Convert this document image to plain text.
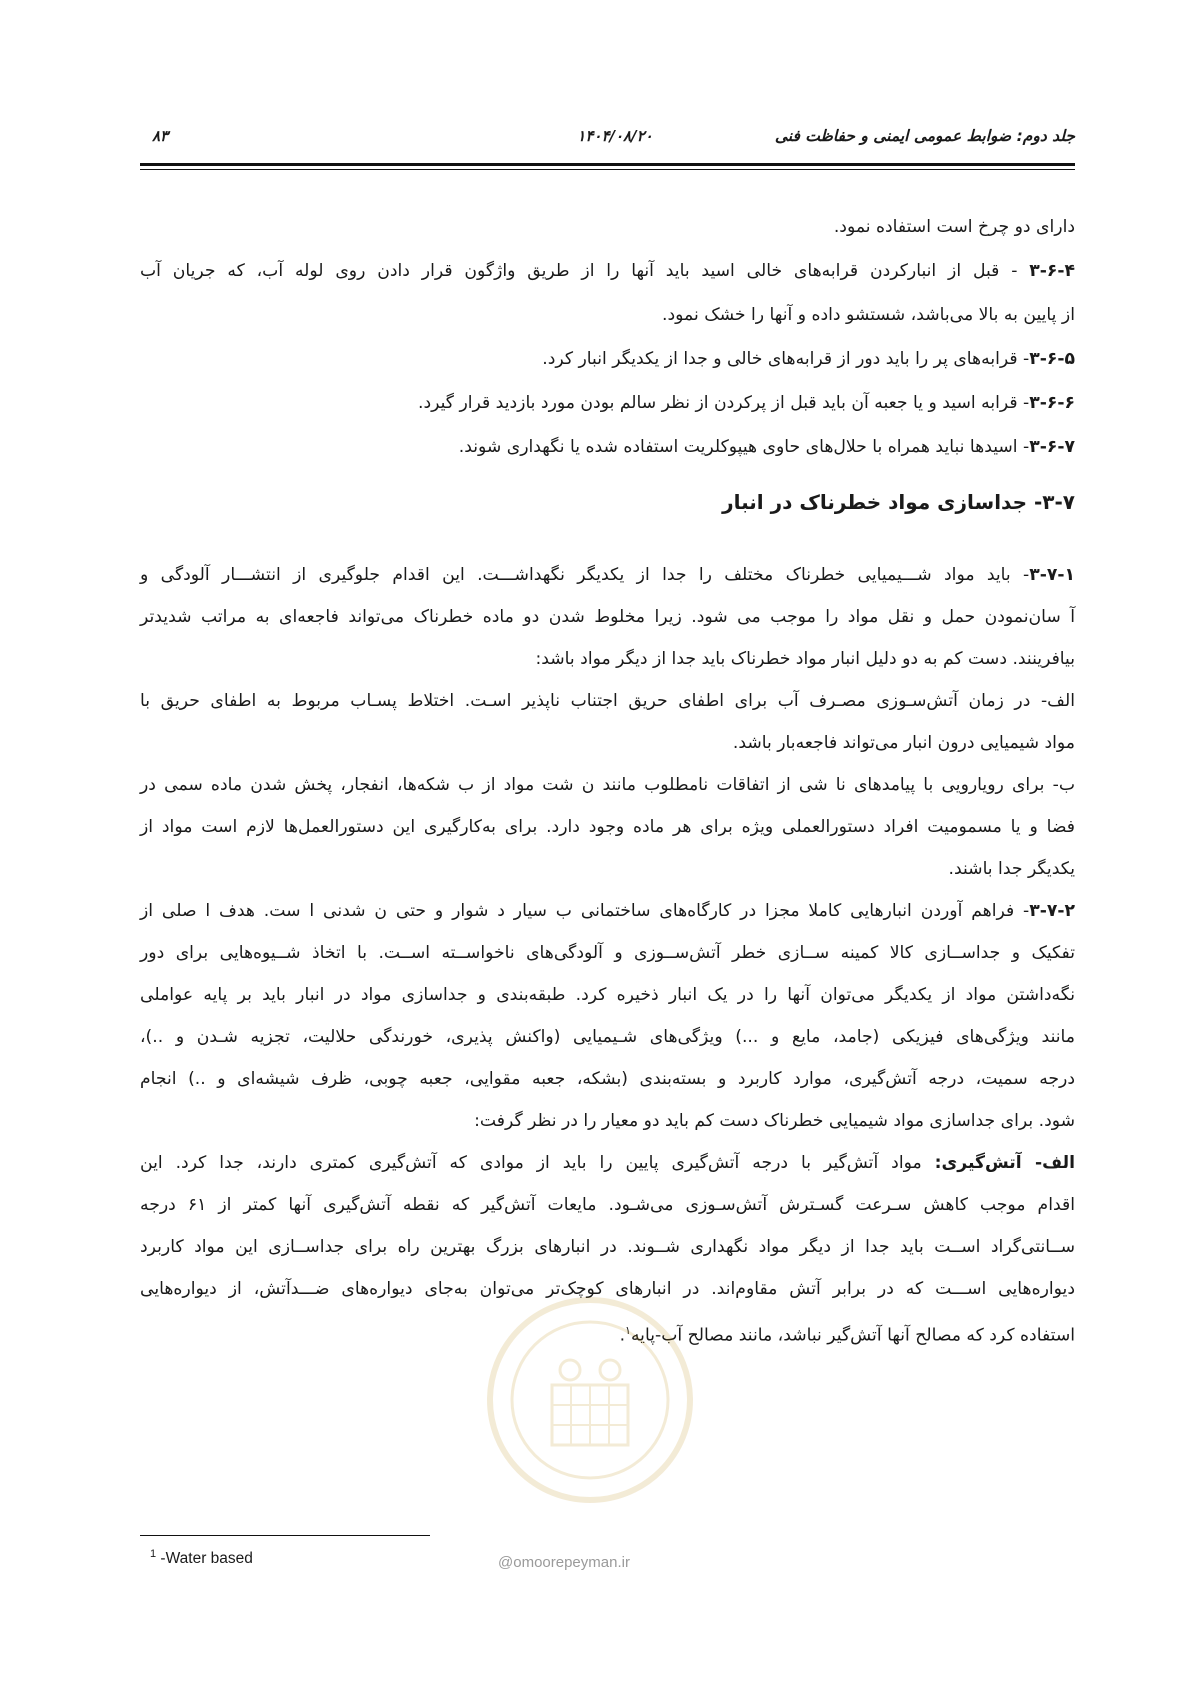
جلد دوم: ضوابط عمومی ایمنی و حفاظت فنی
۱۴۰۴/۰۸/۲۰
۸۳
دارای دو چرخ است استفاده نمود.
۳-۶-۴ - قبل از انبارکردن قرابه‌های خالی اسید باید آنها را از طریق واژگون قرار دادن روی لوله آب، که جریان آب
از پایین به بالا می‌باشد، شستشو داده و آنها را خشک نمود.
۳-۶-۵- قرابه‌های پر را باید دور از قرابه‌های خالی و جدا از یکدیگر انبار کرد.
۳-۶-۶- قرابه اسید و یا جعبه آن باید قبل از پرکردن از نظر سالم بودن مورد بازدید قرار گیرد.
۳-۶-۷- اسیدها نباید همراه با حلال‌های حاوی هیپوکلریت استفاده شده یا نگهداری شوند.
۳-۷- جداسازی مواد خطرناک در انبار
۳-۷-۱- باید مواد شـــیمیایی خطرناک مختلف را جدا از یکدیگر نگهداشـــت. این اقدام جلوگیری از انتشـــار آلودگی و
آ سان‌نمودن حمل و نقل مواد را موجب می شود. زیرا مخلوط شدن دو ماده خطرناک می‌تواند فاجعه‌ای به مراتب شدیدتر
بیافرینند. دست کم به دو دلیل انبار مواد خطرناک باید جدا از دیگر مواد باشد:
الف- در زمان آتش‌سـوزی مصـرف آب برای اطفای حریق اجتناب ناپذیر اسـت. اختلاط پسـاب مربوط به اطفای حریق با
مواد شیمیایی درون انبار می‌تواند فاجعه‌بار باشد.
ب- برای رویارویی با پیامدهای نا شی از اتفاقات نامطلوب مانند ن شت مواد از ب شکه‌ها، انفجار، پخش شدن ماده سمی در
فضا و یا مسمومیت افراد دستورالعملی ویژه برای هر ماده وجود دارد. برای به‌کارگیری این دستورالعمل‌ها لازم است مواد از
یکدیگر جدا باشند.
۳-۷-۲- فراهم آوردن انبارهایی کاملا مجزا در کارگاه‌های ساختمانی ب سیار د شوار و حتی ن شدنی ا ست. هدف ا صلی از
تفکیک و جداســازی کالا کمینه ســازی خطر آتش‌ســوزی و آلودگی‌های ناخواســته اســت. با اتخاذ شــیوه‌هایی برای دور
نگه‌داشتن مواد از یکدیگر می‌توان آنها را در یک انبار ذخیره کرد. طبقه‌بندی و جداسازی مواد در انبار باید بر پایه عواملی
مانند ویژگی‌های فیزیکی (جامد، مایع و ...) ویژگی‌های شـیمیایی (واکنش پذیری، خورندگی حلالیت، تجزیه شـدن و ..)،
درجه سمیت، درجه آتش‌گیری، موارد کاربرد و بسته‌بندی (بشکه، جعبه مقوایی، جعبه چوبی، ظرف شیشه‌ای و ..) انجام
شود. برای جداسازی مواد شیمیایی خطرناک دست کم باید دو معیار را در نظر گرفت:
الف- آتش‌گیری: مواد آتش‌گیر با درجه آتش‌گیری پایین را باید از موادی که آتش‌گیری کمتری دارند، جدا کرد. این
اقدام موجب کاهش سـرعت گسـترش آتش‌سـوزی می‌شـود. مایعات آتش‌گیر که نقطه آتش‌گیری آنها کمتر از ۶۱ درجه
ســانتی‌گراد اســت باید جدا از دیگر مواد نگهداری شــوند. در انبارهای بزرگ بهترین راه برای جداســازی این مواد کاربرد
دیواره‌هایی اســـت که در برابر آتش مقاوم‌اند. در انبارهای کوچک‌تر می‌توان به‌جای دیواره‌های ضـــدآتش، از دیواره‌هایی
استفاده کرد که مصالح آنها آتش‌گیر نباشد، مانند مصالح آب-پایه$^۱$.
@omoorepeyman.ir
$^1$ -Water based
